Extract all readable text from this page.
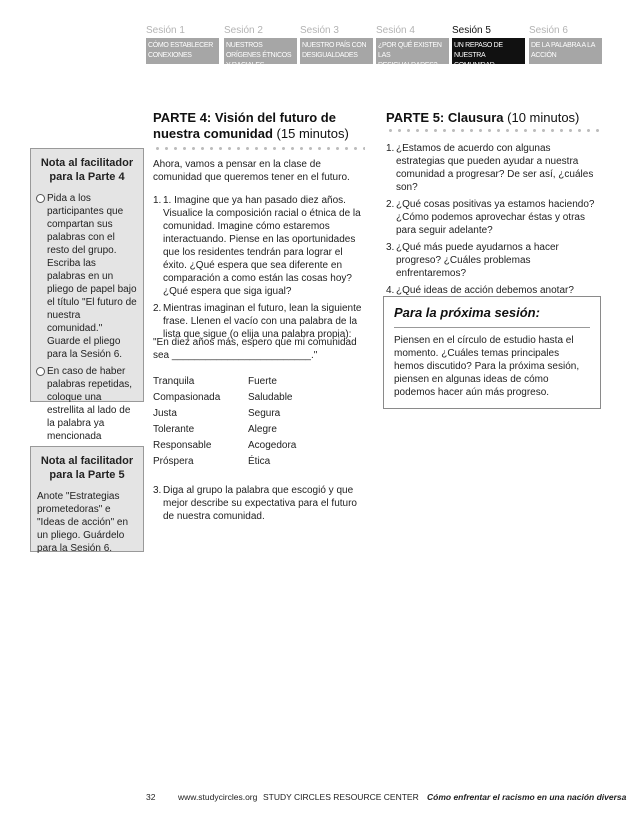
Sesión 1
CÓMO ESTABLECER CONEXIONES
Sesión 2
NUESTROS ORÍGENES ÉTNICOS Y RACIALES
Sesión 3
NUESTRO PAÍS CON DESIGUALDADES
Sesión 4
¿POR QUÉ EXISTEN LAS DESIGUALDADES?
Sesión 5
UN REPASO DE NUESTRA COMUNIDAD
Sesión 6
DE LA PALABRA A LA ACCIÓN
Nota al facilitador para la Parte 4
Pida a los participantes que compartan sus palabras con el resto del grupo. Escriba las palabras en un pliego de papel bajo el título "El futuro de nuestra comunidad." Guarde el pliego para la Sesión 6.
En caso de haber palabras repetidas, coloque una estrellita al lado de la palabra ya mencionada
Nota al facilitador para la Parte 5
Anote "Estrategias prometedoras" e "Ideas de acción" en un pliego. Guárdelo para la Sesión 6.
PARTE 4: Visión del futuro de
nuestra comunidad (15 minutos)
Ahora, vamos a pensar en la clase de comunidad que queremos tener en el futuro.
1. 1. Imagine que ya han pasado diez años. Visualice la composición racial o étnica de la comunidad. Imagine cómo estaremos interactuando. Piense en las oportunidades que los residentes tendrán para lograr el éxito. ¿Qué espera que sea diferente en comparación a como están las cosas hoy? ¿Qué espera que siga igual?
2. Mientras imaginan el futuro, lean la siguiente frase. Llenen el vacío con una palabra de la lista que sigue (o elija una palabra propia):
"En diez años más, espero que mi comunidad sea _________________________."
Tranquila	Fuerte
Compasionada	Saludable
Justa	Segura
Tolerante	Alegre
Responsable	Acogedora
Próspera	Ética
3. Diga al grupo la palabra que escogió y que mejor describe su expectativa para el futuro de nuestra comunidad.
PARTE 5: Clausura (10 minutos)
1. ¿Estamos de acuerdo con algunas estrategias que pueden ayudar a nuestra comunidad a progresar? De ser así, ¿cuáles son?
2. ¿Qué cosas positivas ya estamos haciendo? ¿Cómo podemos aprovechar éstas y otras para seguir adelante?
3. ¿Qué más puede ayudarnos a hacer progreso? ¿Cuáles problemas enfrentaremos?
4. ¿Qué ideas de acción debemos anotar?
Para la próxima sesión:
Piensen en el círculo de estudio hasta el momento. ¿Cuáles temas principales hemos discutido? Para la próxima sesión, piensen en algunas ideas de cómo podemos hacer aún más progreso.
32	www.studycircles.org STUDY CIRCLES RESOURCE CENTER Cómo enfrentar el racismo en una nación diversa
